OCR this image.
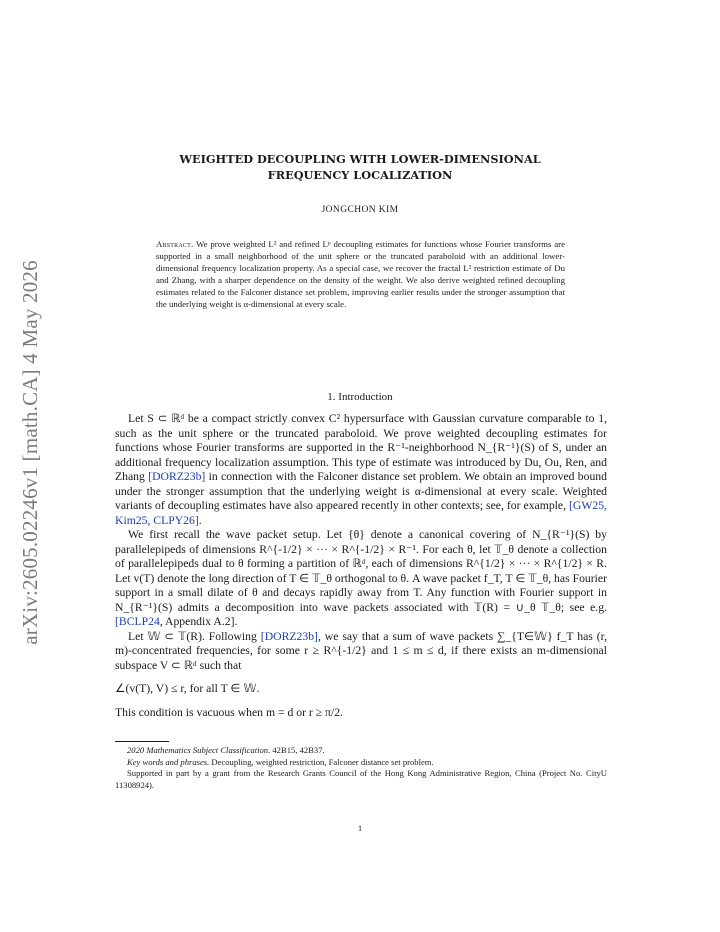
arXiv:2605.02246v1 [math.CA] 4 May 2026
WEIGHTED DECOUPLING WITH LOWER-DIMENSIONAL
FREQUENCY LOCALIZATION
JONGCHON KIM

Abstract. We prove weighted L² and refined Lᵖ decoupling estimates for functions whose Fourier transforms are supported in a small neighborhood of the unit sphere or the truncated paraboloid with an additional lower-dimensional frequency localization property. As a special case, we recover the fractal L² restriction estimate of Du and Zhang, with a sharper dependence on the density of the weight. We also derive weighted refined decoupling estimates related to the Falconer distance set problem, improving earlier results under the stronger assumption that the underlying weight is α-dimensional at every scale.

1. Introduction

Let S ⊂ ℝᵈ be a compact strictly convex C² hypersurface with Gaussian curvature comparable to 1, such as the unit sphere or the truncated paraboloid. We prove weighted decoupling estimates for functions whose Fourier transforms are supported in the R⁻¹-neighborhood N_{R⁻¹}(S) of S, under an additional frequency localization assumption. This type of estimate was introduced by Du, Ou, Ren, and Zhang [DORZ23b] in connection with the Falconer distance set problem. We obtain an improved bound under the stronger assumption that the underlying weight is α-dimensional at every scale. Weighted variants of decoupling estimates have also appeared recently in other contexts; see, for example, [GW25, Kim25, CLPY26].

We first recall the wave packet setup. Let {θ} denote a canonical covering of N_{R⁻¹}(S) by parallelepipeds of dimensions R^{-1/2} × ··· × R^{-1/2} × R⁻¹. For each θ, let 𝕋_θ denote a collection of parallelepipeds dual to θ forming a partition of ℝᵈ, each of dimensions R^{1/2} × ··· × R^{1/2} × R. Let v(T) denote the long direction of T ∈ 𝕋_θ orthogonal to θ. A wave packet f_T, T ∈ 𝕋_θ, has Fourier support in a small dilate of θ and decays rapidly away from T. Any function with Fourier support in N_{R⁻¹}(S) admits a decomposition into wave packets associated with 𝕋(R) = ∪_θ 𝕋_θ; see e.g. [BCLP24, Appendix A.2].

Let 𝕎 ⊂ 𝕋(R). Following [DORZ23b], we say that a sum of wave packets ∑_{T∈𝕎} f_T has (r, m)-concentrated frequencies, for some r ≥ R^{-1/2} and 1 ≤ m ≤ d, if there exists an m-dimensional subspace V ⊂ ℝᵈ such that

∠(v(T), V) ≤ r, for all T ∈ 𝕎.

This condition is vacuous when m = d or r ≥ π/2.

2020 Mathematics Subject Classification. 42B15, 42B37.

Key words and phrases. Decoupling, weighted restriction, Falconer distance set problem.

Supported in part by a grant from the Research Grants Council of the Hong Kong Administrative Region, China (Project No. CityU 11308924).

1
